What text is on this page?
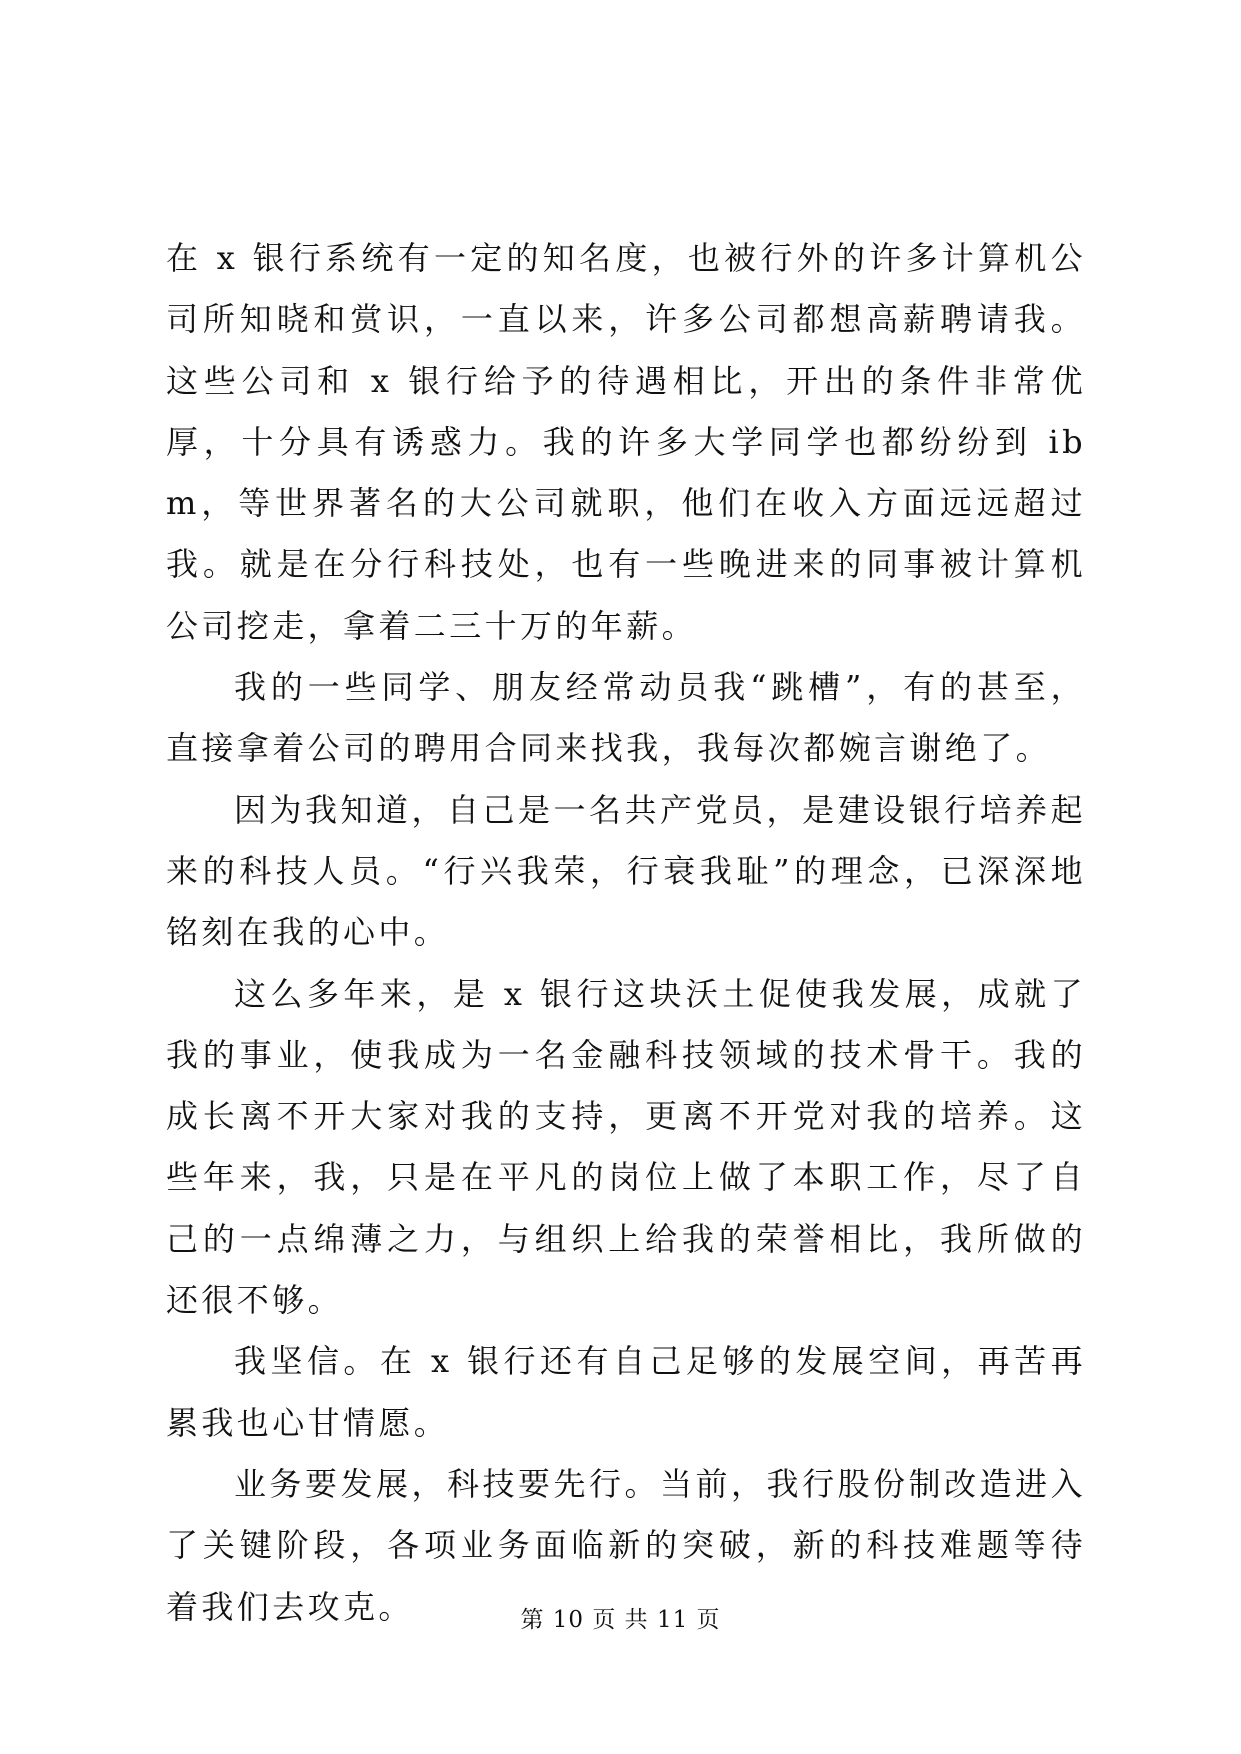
在 x 银行系统有一定的知名度，也被行外的许多计算机公司所知晓和赏识，一直以来，许多公司都想高薪聘请我。这些公司和 x 银行给予的待遇相比，开出的条件非常优厚，十分具有诱惑力。我的许多大学同学也都纷纷到 ibm，等世界著名的大公司就职，他们在收入方面远远超过我。就是在分行科技处，也有一些晚进来的同事被计算机公司挖走，拿着二三十万的年薪。

我的一些同学、朋友经常动员我“跳槽”，有的甚至，直接拿着公司的聘用合同来找我，我每次都婉言谢绝了。

因为我知道，自己是一名共产党员，是建设银行培养起来的科技人员。“行兴我荣，行衰我耻”的理念，已深深地铭刻在我的心中。

这么多年来，是 x 银行这块沃土促使我发展，成就了我的事业，使我成为一名金融科技领域的技术骨干。我的成长离不开大家对我的支持，更离不开党对我的培养。这些年来，我，只是在平凡的岗位上做了本职工作，尽了自己的一点绵薄之力，与组织上给我的荣誉相比，我所做的还很不够。

我坚信。在 x 银行还有自己足够的发展空间，再苦再累我也心甘情愿。

业务要发展，科技要先行。当前，我行股份制改造进入了关键阶段，各项业务面临新的突破，新的科技难题等待着我们去攻克。	第 10 页 共 11 页
